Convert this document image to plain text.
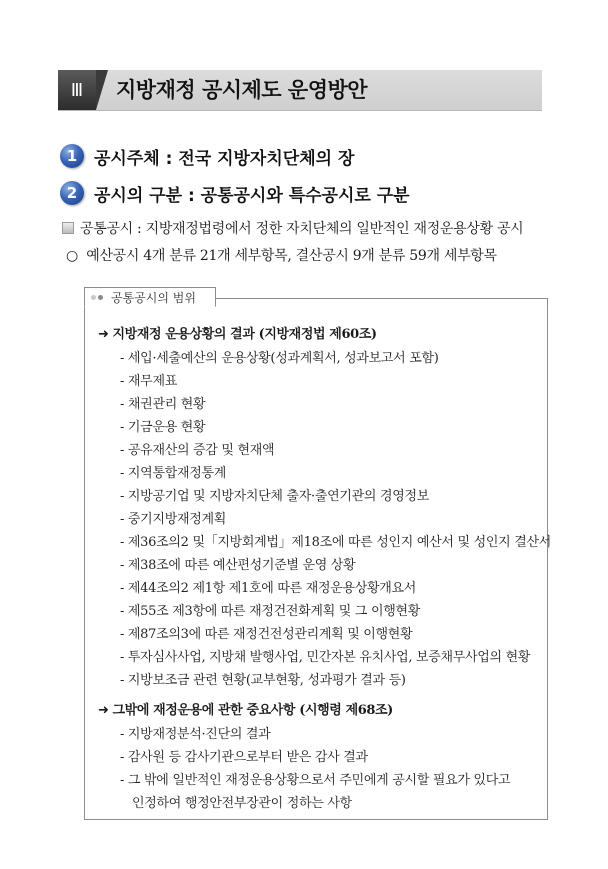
Ⅲ	지방재정 공시제도 운영방안
1 공시주체 : 전국 지방자치단체의 장
2 공시의 구분 : 공통공시와 특수공시로 구분
공통공시 : 지방재정법령에서 정한 자치단체의 일반적인 재정운용상황 공시
○ 예산공시 4개 분류 21개 세부항목, 결산공시 9개 분류 59개 세부항목
공통공시의 범위
➜ 지방재정 운용상황의 결과 (지방재정법 제60조)
- 세입·세출예산의 운용상황(성과계획서, 성과보고서 포함)
- 재무제표
- 채권관리 현황
- 기금운용 현황
- 공유재산의 증감 및 현재액
- 지역통합재정통계
- 지방공기업 및 지방자치단체 출자·출연기관의 경영정보
- 중기지방재정계획
- 제36조의2 및「지방회계법」제18조에 따른 성인지 예산서 및 성인지 결산서
- 제38조에 따른 예산편성기준별 운영 상황
- 제44조의2 제1항 제1호에 따른 재정운용상황개요서
- 제55조 제3항에 따른 재정건전화계획 및 그 이행현황
- 제87조의3에 따른 재정건전성관리계획 및 이행현황
- 투자심사사업, 지방채 발행사업, 민간자본 유치사업, 보증채무사업의 현황
- 지방보조금 관련 현황(교부현황, 성과평가 결과 등)
➜ 그밖에 재정운용에 관한 중요사항 (시행령 제68조)
- 지방재정분석·진단의 결과
- 감사원 등 감사기관으로부터 받은 감사 결과
- 그 밖에 일반적인 재정운용상황으로서 주민에게 공시할 필요가 있다고
인정하여 행정안전부장관이 정하는 사항
